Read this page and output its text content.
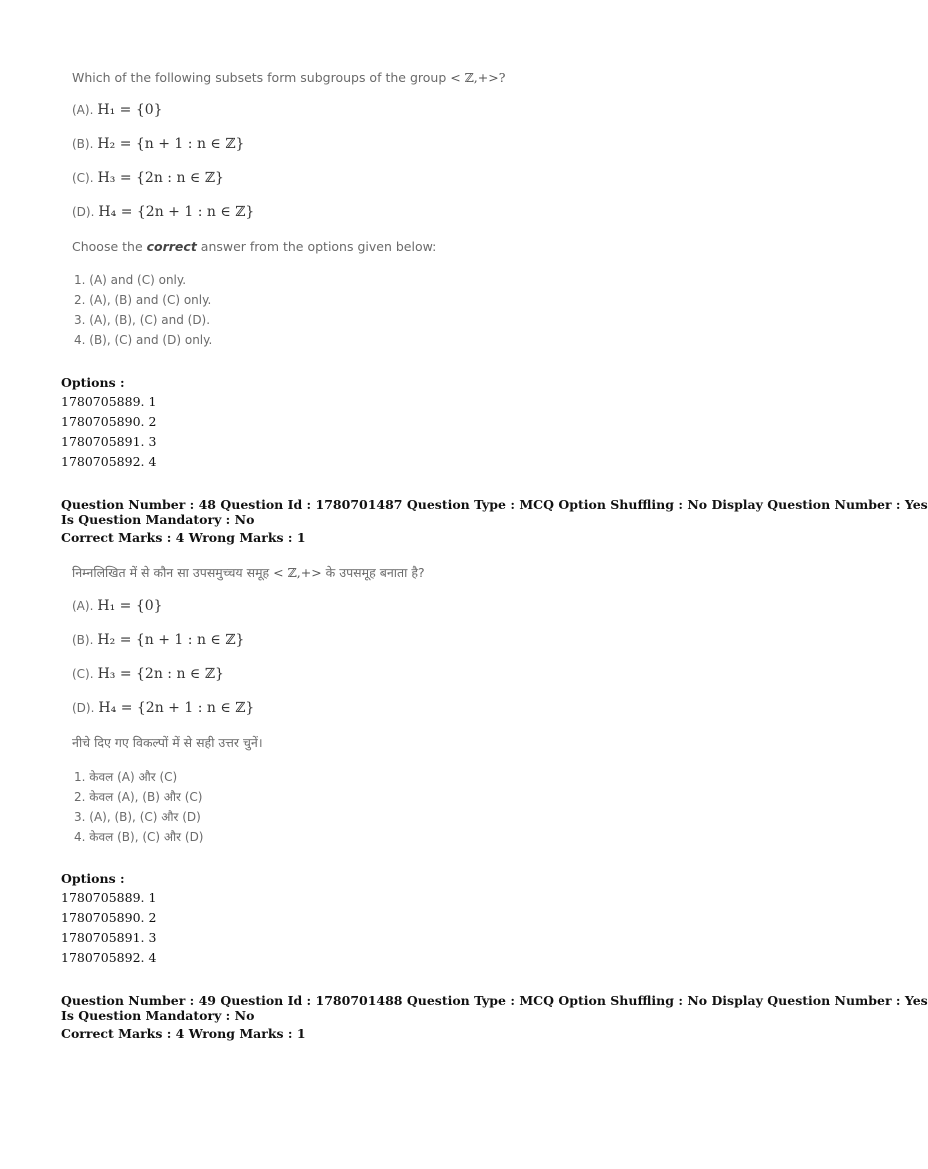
Which of the following subsets form subgroups of the group < ℤ,+>?
(A). H₁ = {0}
(B). H₂ = {n + 1 : n ∈ ℤ}
(C). H₃ = {2n : n ∈ ℤ}
(D). H₄ = {2n + 1 : n ∈ ℤ}
Choose the correct answer from the options given below:
1. (A) and (C) only.
2. (A), (B) and (C) only.
3. (A), (B), (C) and (D).
4. (B), (C) and (D) only.
Options :
1780705889. 1
1780705890. 2
1780705891. 3
1780705892. 4
Question Number : 48 Question Id : 1780701487 Question Type : MCQ Option Shuffling : No Display Question Number : Yes
Is Question Mandatory : No
Correct Marks : 4 Wrong Marks : 1
निम्नलिखित में से कौन सा उपसमुच्चय समूह < ℤ,+> के उपसमूह बनाता है?
(A). H₁ = {0}
(B). H₂ = {n + 1 : n ∈ ℤ}
(C). H₃ = {2n : n ∈ ℤ}
(D). H₄ = {2n + 1 : n ∈ ℤ}
नीचे दिए गए विकल्पों में से सही उत्तर चुनें।
1. केवल (A) और (C)
2. केवल (A), (B) और (C)
3. (A), (B), (C) और (D)
4. केवल (B), (C) और (D)
Options :
1780705889. 1
1780705890. 2
1780705891. 3
1780705892. 4
Question Number : 49 Question Id : 1780701488 Question Type : MCQ Option Shuffling : No Display Question Number : Yes
Is Question Mandatory : No
Correct Marks : 4 Wrong Marks : 1
